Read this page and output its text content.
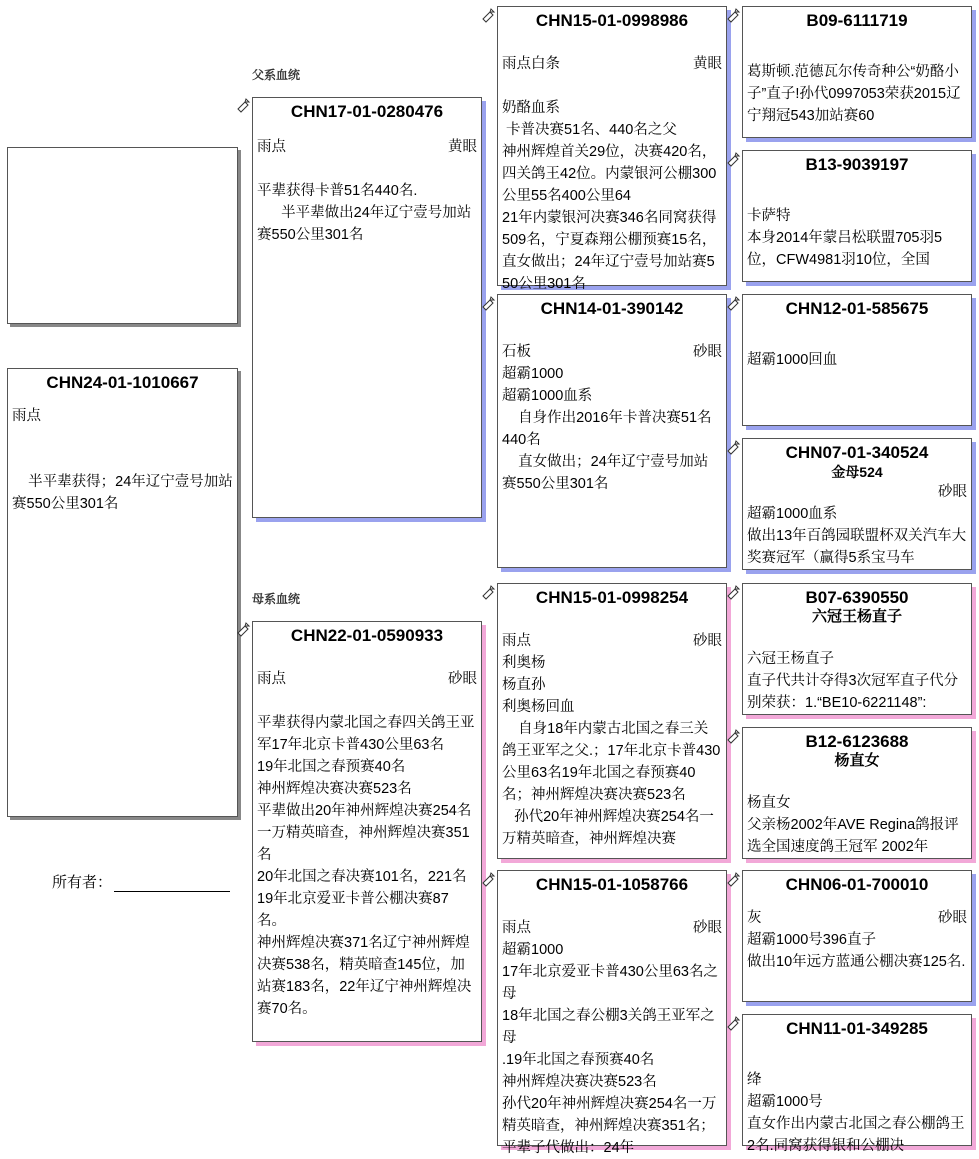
CHN24-01-1010667
雨点

半平辈获得；24年辽宁壹号加站赛550公里301名
所有者：
父系血统
母系血统
CHN17-01-0280476
雨点	黄眼

平辈获得卡普51名440名.
半平辈做出24年辽宁壹号加站赛550公里301名
CHN22-01-0590933
雨点	砂眼

平辈获得内蒙北国之春四关鸽王亚军17年北京卡普430公里63名
19年北国之春预赛40名
神州辉煌决赛决赛523名
平辈做出20年神州辉煌决赛254名一万精英暗查，神州辉煌决赛351名
20年北国之春决赛101名，221名
19年北京爱亚卡普公棚决赛87名。
神州辉煌决赛371名辽宁神州辉煌决赛538名，精英暗查145位，加站赛183名，22年辽宁神州辉煌决赛70名。
CHN15-01-0998986
雨点白条	黄眼

奶酪血系
卡普决赛51名、440名之父
神州辉煌首关29位，决赛420名，四关鸽王42位。内蒙银河公棚300公里55名400公里64
21年内蒙银河决赛346名同窝获得509名，宁夏森翔公棚预赛15名，直女做出；24年辽宁壹号加站赛550公里301名
CHN14-01-390142
石板	砂眼
超霸1000
超霸1000血系
自身作出2016年卡普决赛51名 440名
直女做出；24年辽宁壹号加站赛550公里301名
CHN15-01-0998254
雨点	砂眼
利奥杨
杨直孙
利奥杨回血
自身18年内蒙古北国之春三关鸽王亚军之父.；17年北京卡普430公里63名19年北国之春预赛40名；神州辉煌决赛决赛523名
孙代20年神州辉煌决赛254名一万精英暗查，神州辉煌决赛
CHN15-01-1058766
雨点	砂眼
超霸1000
17年北京爱亚卡普430公里63名之母
18年北国之春公棚3关鸽王亚军之母
.19年北国之春预赛40名
神州辉煌决赛决赛523名
孙代20年神州辉煌决赛254名一万精英暗查，神州辉煌决赛351名；平辈子代做出：24年
B09-6111719

葛斯顿.范德瓦尔传奇种公“奶酪小子”直子!孙代0997053荣获2015辽宁翔冠543加站赛60
B13-9039197

卡萨特
本身2014年蒙吕松联盟705羽5位，CFW4981羽10位，全国
CHN12-01-585675

超霸1000回血
CHN07-01-340524
金母524
砂眼
超霸1000血系
做出13年百鸽园联盟杯双关汽车大奖赛冠军（赢得5系宝马车
B07-6390550
六冠王杨直子

六冠王杨直子
直子代共计夺得3次冠军直子代分别荣获：1.“BE10-6221148”:
B12-6123688
杨直女

杨直女
父亲杨2002年AVE Regina鸽报评选全国速度鸽王冠军 2002年
CHN06-01-700010
灰	砂眼
超霸1000号396直子
做出10年远方蓝通公棚决赛125名.
CHN11-01-349285

绛
超霸1000号
直女作出内蒙古北国之春公棚鸽王2名.同窝获得银和公棚决
